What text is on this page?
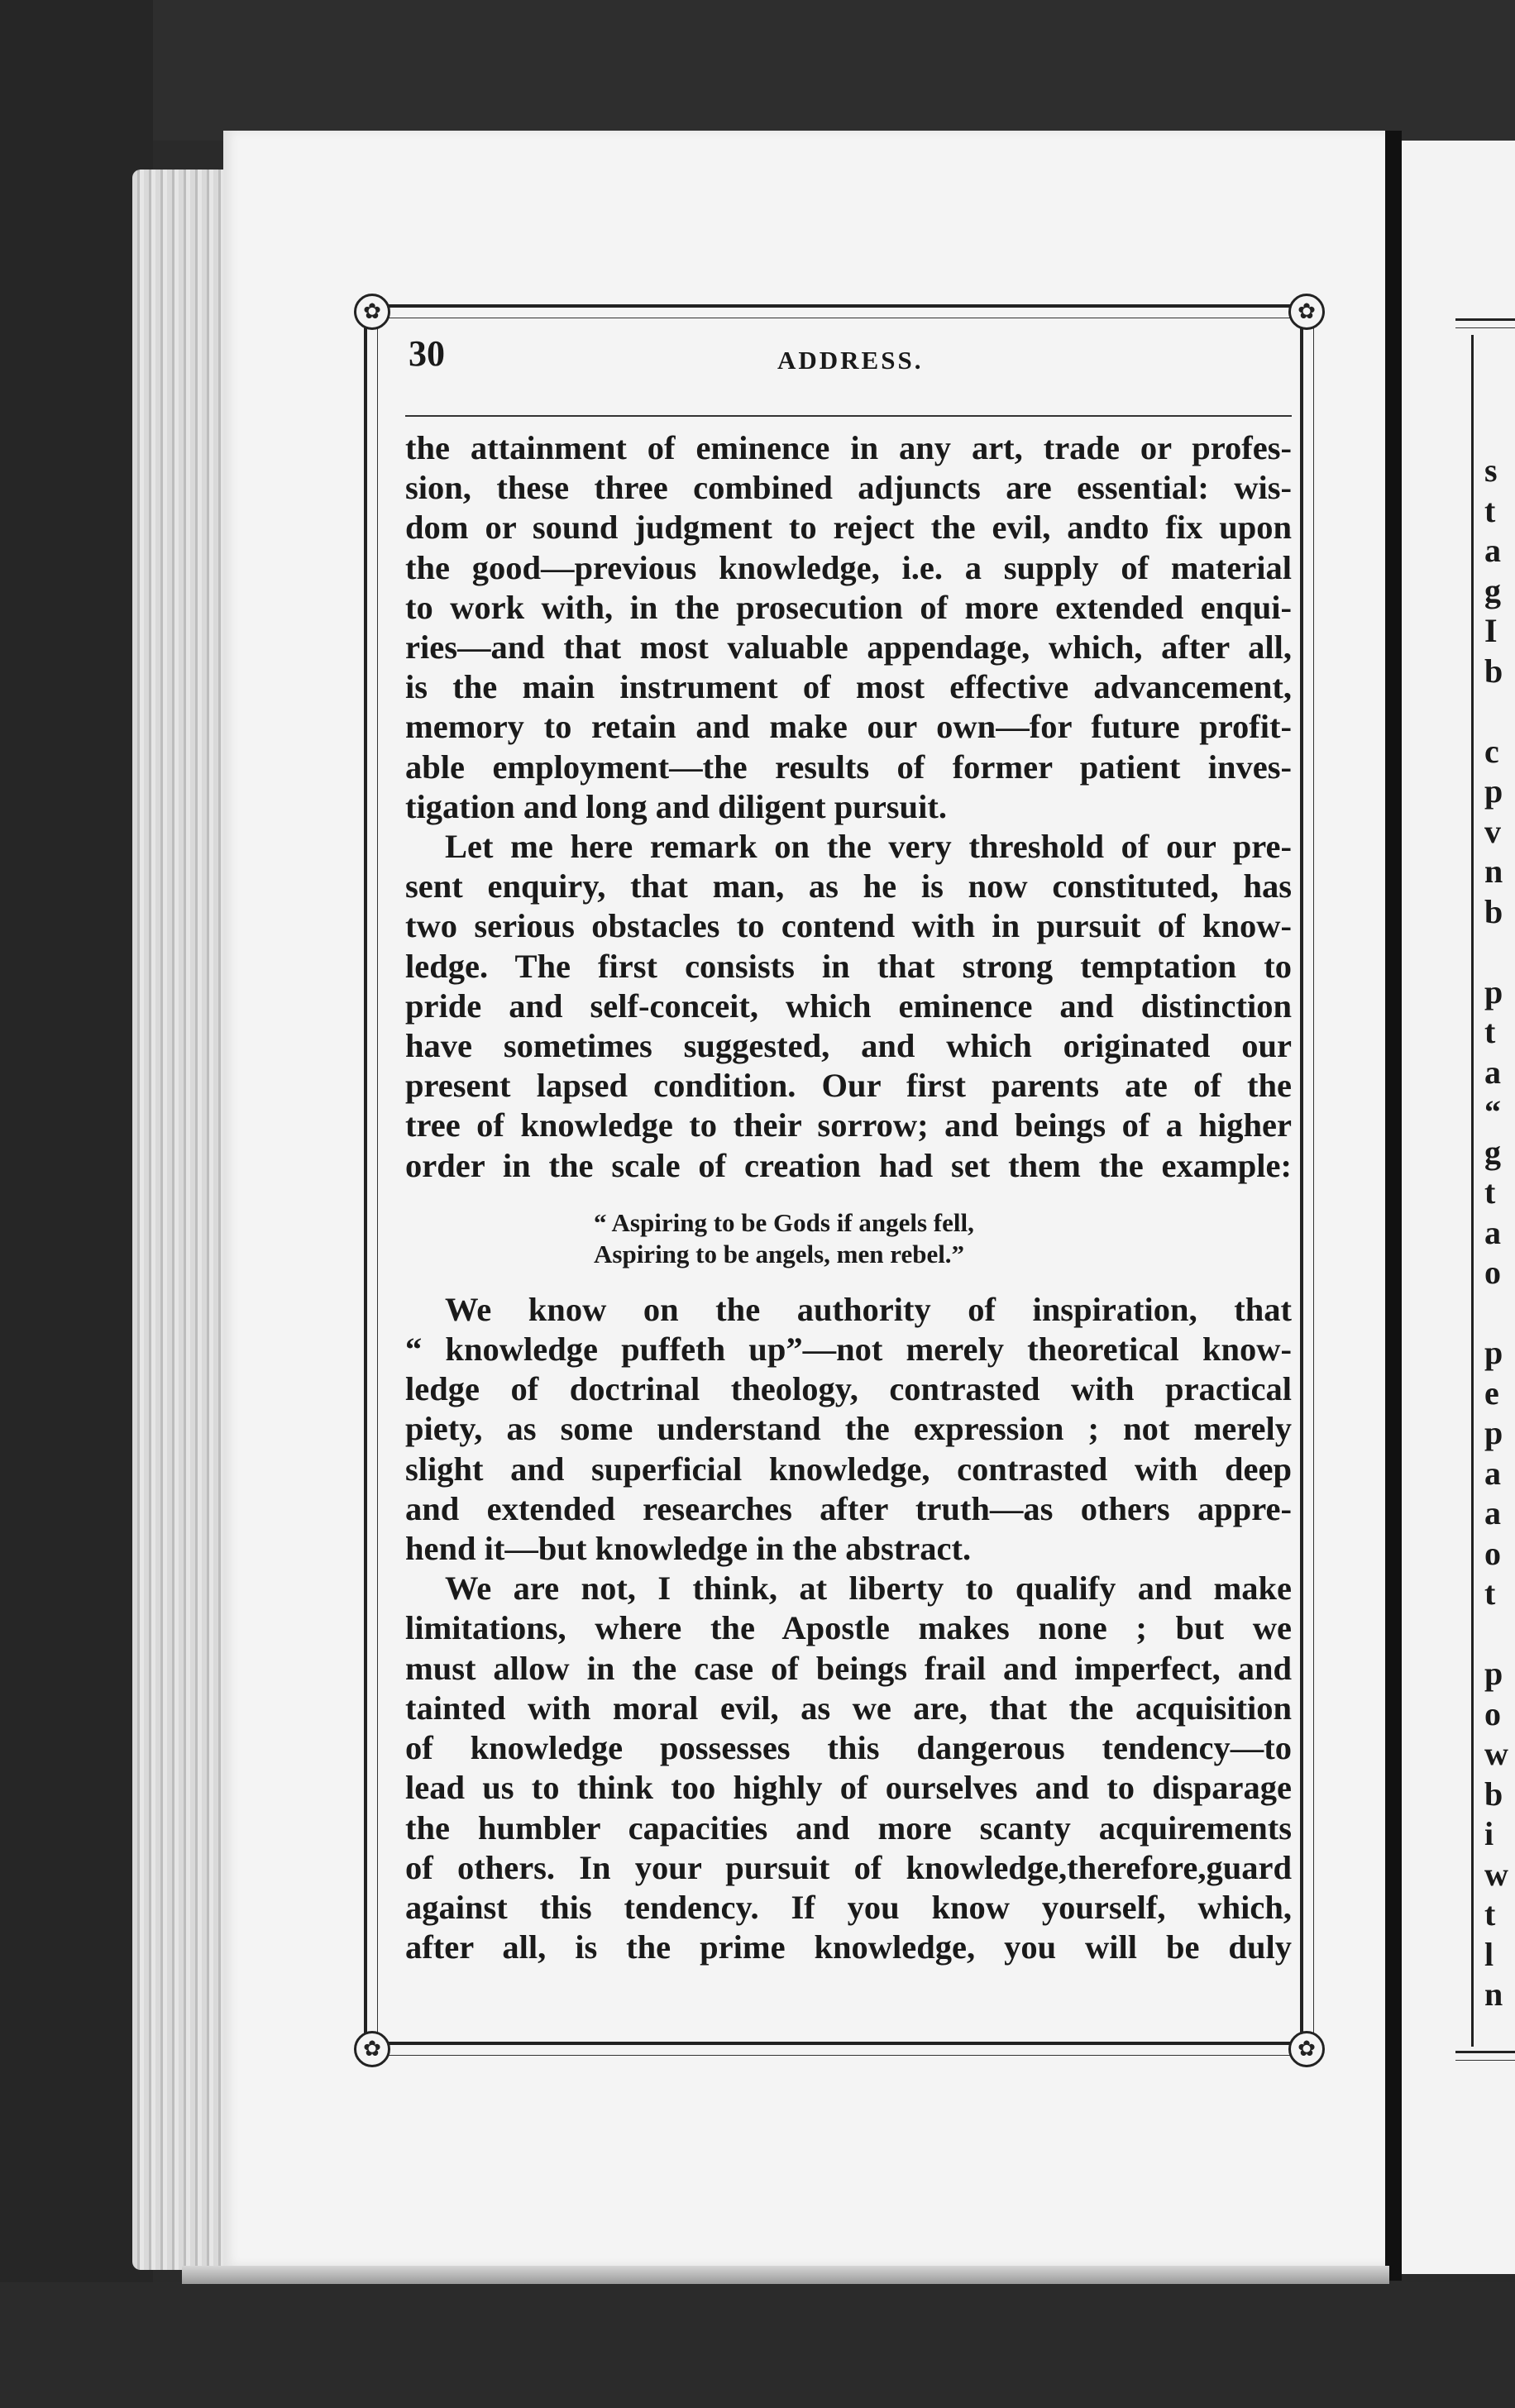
✿	✿
✿	✿
30	ADDRESS.

the attainment of eminence in any art, trade or profes-
sion, these three combined adjuncts are essential: wis-
dom or sound judgment to reject the evil, andto fix upon
the good—previous knowledge, i.e. a supply of material
to work with, in the prosecution of more extended enqui-
ries—and that most valuable appendage, which, after all,
is the main instrument of most effective advancement,
memory to retain and make our own—for future profit-
able employment—the results of former patient inves-
tigation and long and diligent pursuit.

Let me here remark on the very threshold of our pre-
sent enquiry, that man, as he is now constituted, has
two serious obstacles to contend with in pursuit of know-
ledge. The first consists in that strong temptation to
pride and self-conceit, which eminence and distinction
have sometimes suggested, and which originated our
present lapsed condition. Our first parents ate of the
tree of knowledge to their sorrow; and beings of a higher
order in the scale of creation had set them the example:

“ Aspiring to be Gods if angels fell,
Aspiring to be angels, men rebel.”

We know on the authority of inspiration, that
“ knowledge puffeth up”—not merely theoretical know-
ledge of doctrinal theology, contrasted with practical
piety, as some understand the expression ; not merely
slight and superficial knowledge, contrasted with deep
and extended researches after truth—as others appre-
hend it—but knowledge in the abstract.

We are not, I think, at liberty to qualify and make
limitations, where the Apostle makes none ; but we
must allow in the case of beings frail and imperfect, and
tainted with moral evil, as we are, that the acquisition
of knowledge possesses this dangerous tendency—to
lead us to think too highly of ourselves and to disparage
the humbler capacities and more scanty acquirements
of others. In your pursuit of knowledge,therefore,guard
against this tendency. If you know yourself, which,
after all, is the prime knowledge, you will be duly

s
t
a
g
I
b

c
p
v
n
b

p
t
a
“
g
t
a
o

p
e
p
a
a
o
t

p
o
w
b
i
w
t
l
n
